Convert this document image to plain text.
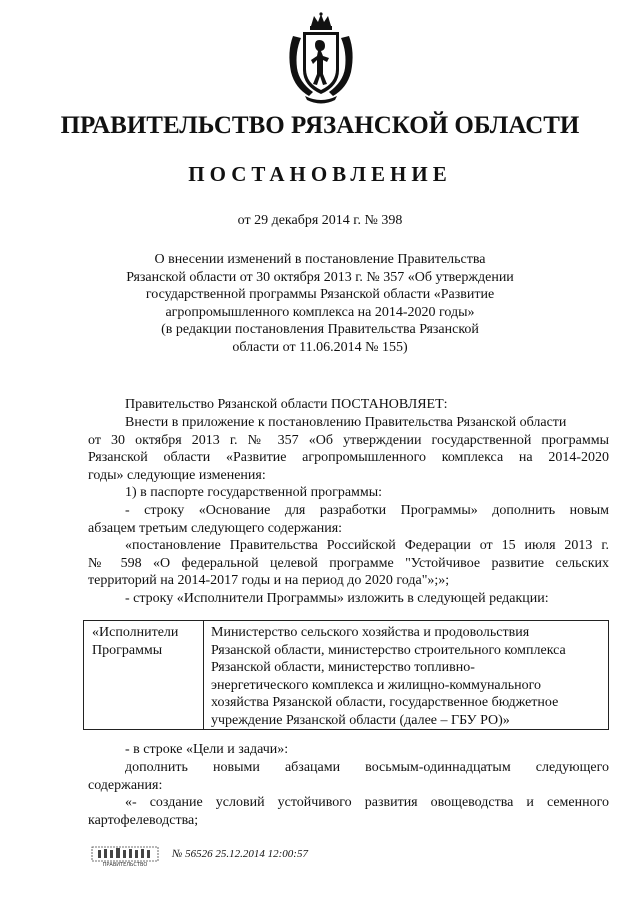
ПРАВИТЕЛЬСТВО РЯЗАНСКОЙ ОБЛАСТИ
ПОСТАНОВЛЕНИЕ
от 29 декабря 2014 г. № 398

О внесении изменений в постановление Правительства

Рязанской области от 30 октября 2013 г. № 357 «Об утверждении

государственной программы Рязанской области «Развитие

агропромышленного комплекса на 2014-2020 годы»

(в редакции постановления Правительства Рязанской

области от 11.06.2014 № 155)

Правительство Рязанской области ПОСТАНОВЛЯЕТ:

Внести в приложение к постановлению Правительства Рязанской области

от 30 октября 2013 г. № 357 «Об утверждении государственной программы

Рязанской области «Развитие агропромышленного комплекса на 2014-2020

годы» следующие изменения:

1) в паспорте государственной программы:

- строку «Основание для разработки Программы» дополнить новым

абзацем третьим следующего содержания:

«постановление Правительства Российской Федерации от 15 июля 2013 г.

№ 598 «О федеральной целевой программе "Устойчивое развитие сельских

территорий на 2014-2017 годы и на период до 2020 года"»;»;

- строку «Исполнители Программы» изложить в следующей редакции:

«Исполнители
Программы
Министерство сельского хозяйства и продовольствия
Рязанской области, министерство строительного комплекса
Рязанской области, министерство топливно-
энергетического комплекса и жилищно-коммунального
хозяйства Рязанской области, государственное бюджетное
учреждение Рязанской области (далее – ГБУ РО)»

- в строке «Цели и задачи»:

дополнить новыми абзацами восьмым-одиннадцатым следующего

содержания:

«- создание условий устойчивого развития овощеводства и семенного

картофелеводства;

ПРАВИТЕЛЬСТВО
№ 56526 25.12.2014 12:00:57
